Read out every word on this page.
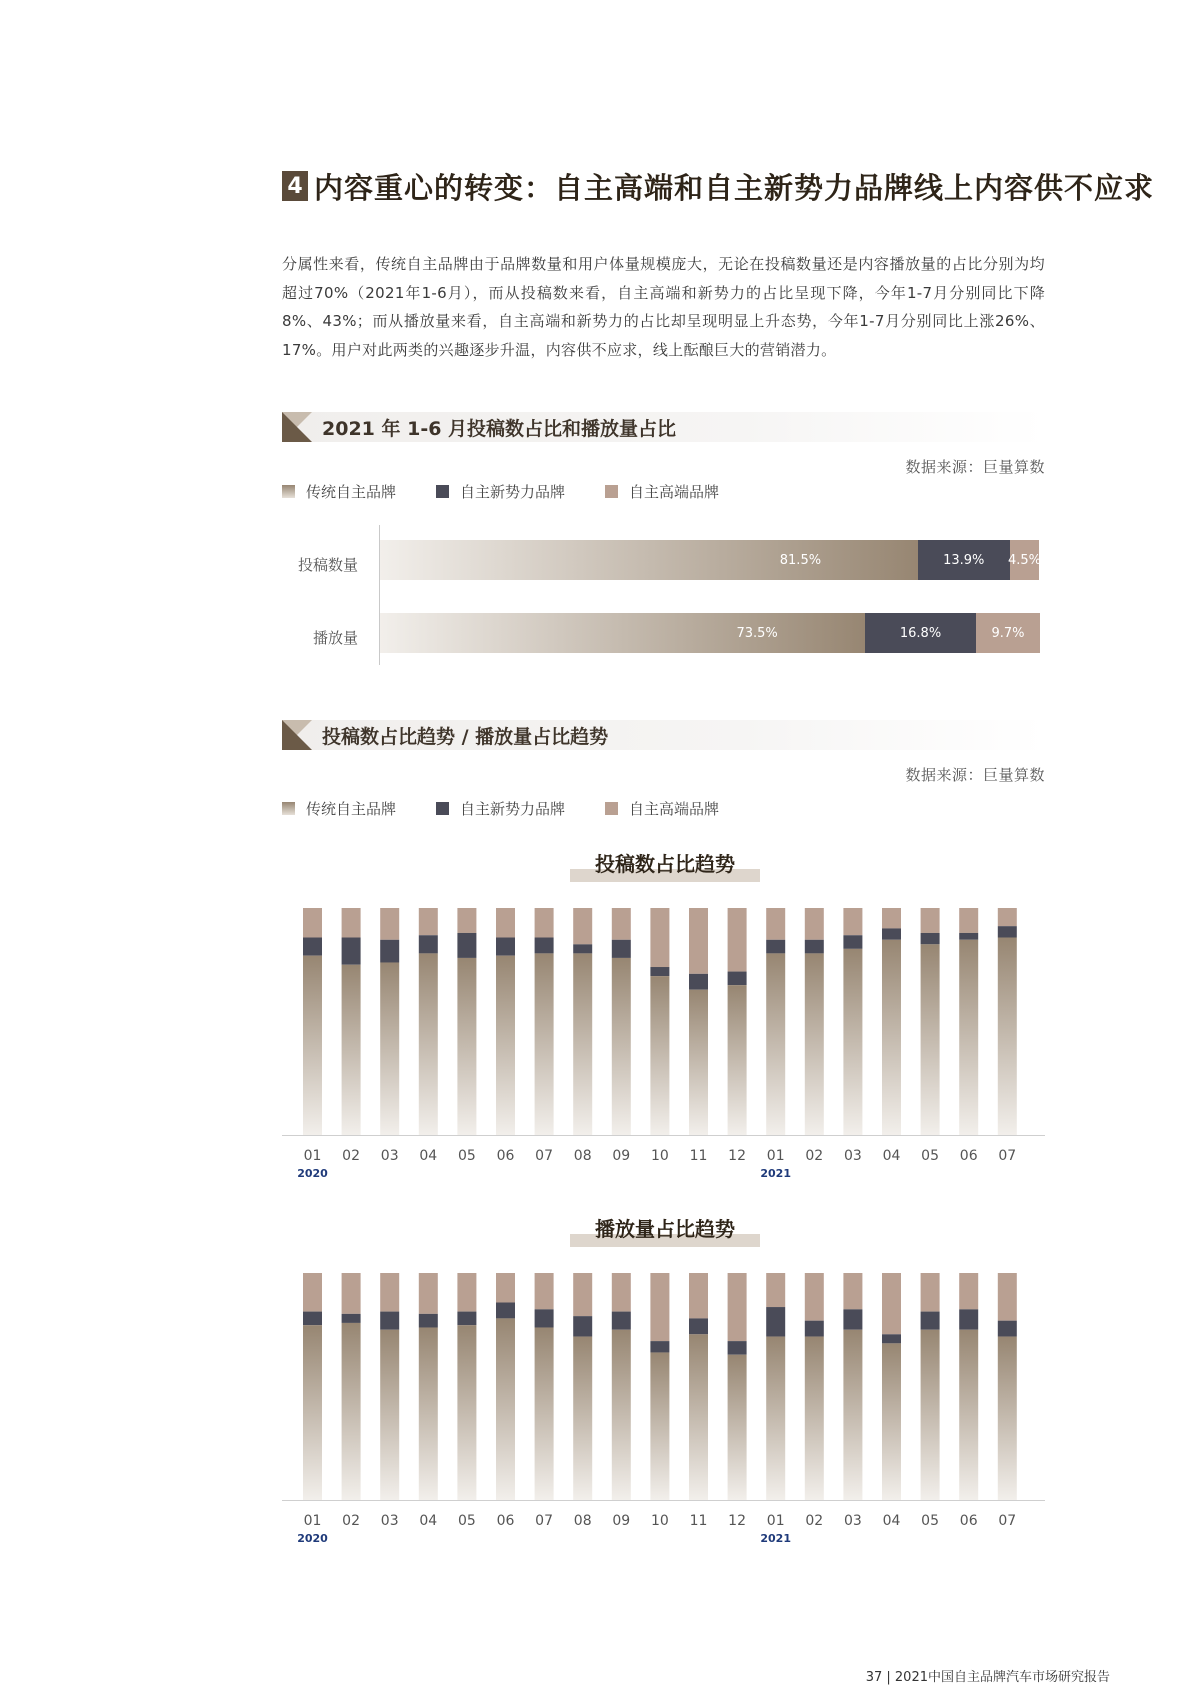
4 内容重心的转变：自主高端和自主新势力品牌线上内容供不应求
分属性来看，传统自主品牌由于品牌数量和用户体量规模庞大，无论在投稿数量还是内容播放量的占比分别为均超过70%（2021年1-6月），而从投稿数来看，自主高端和新势力的占比呈现下降，今年1-7月分别同比下降8%、43%；而从播放量来看，自主高端和新势力的占比却呈现明显上升态势，今年1-7月分别同比上涨26%、17%。用户对此两类的兴趣逐步升温，内容供不应求，线上酝酿巨大的营销潜力。
2021 年 1-6 月投稿数占比和播放量占比
数据来源：巨量算数
传统自主品牌	自主新势力品牌	自主高端品牌
投稿数量
播放量
81.5%	13.9% 4.5%
73.5%	16.8%	9.7%
投稿数占比趋势 / 播放量占比趋势
数据来源：巨量算数
传统自主品牌	自主新势力品牌	自主高端品牌
投稿数占比趋势
播放量占比趋势
01 02 03 04 05 06 07 08 09 10 11 12 01 02 03 04 05 06 07
2020	2021
01 02 03 04 05 06 07 08 09 10 11 12 01 02 03 04 05 06 07
2020	2021
37 | 2021中国自主品牌汽车市场研究报告
